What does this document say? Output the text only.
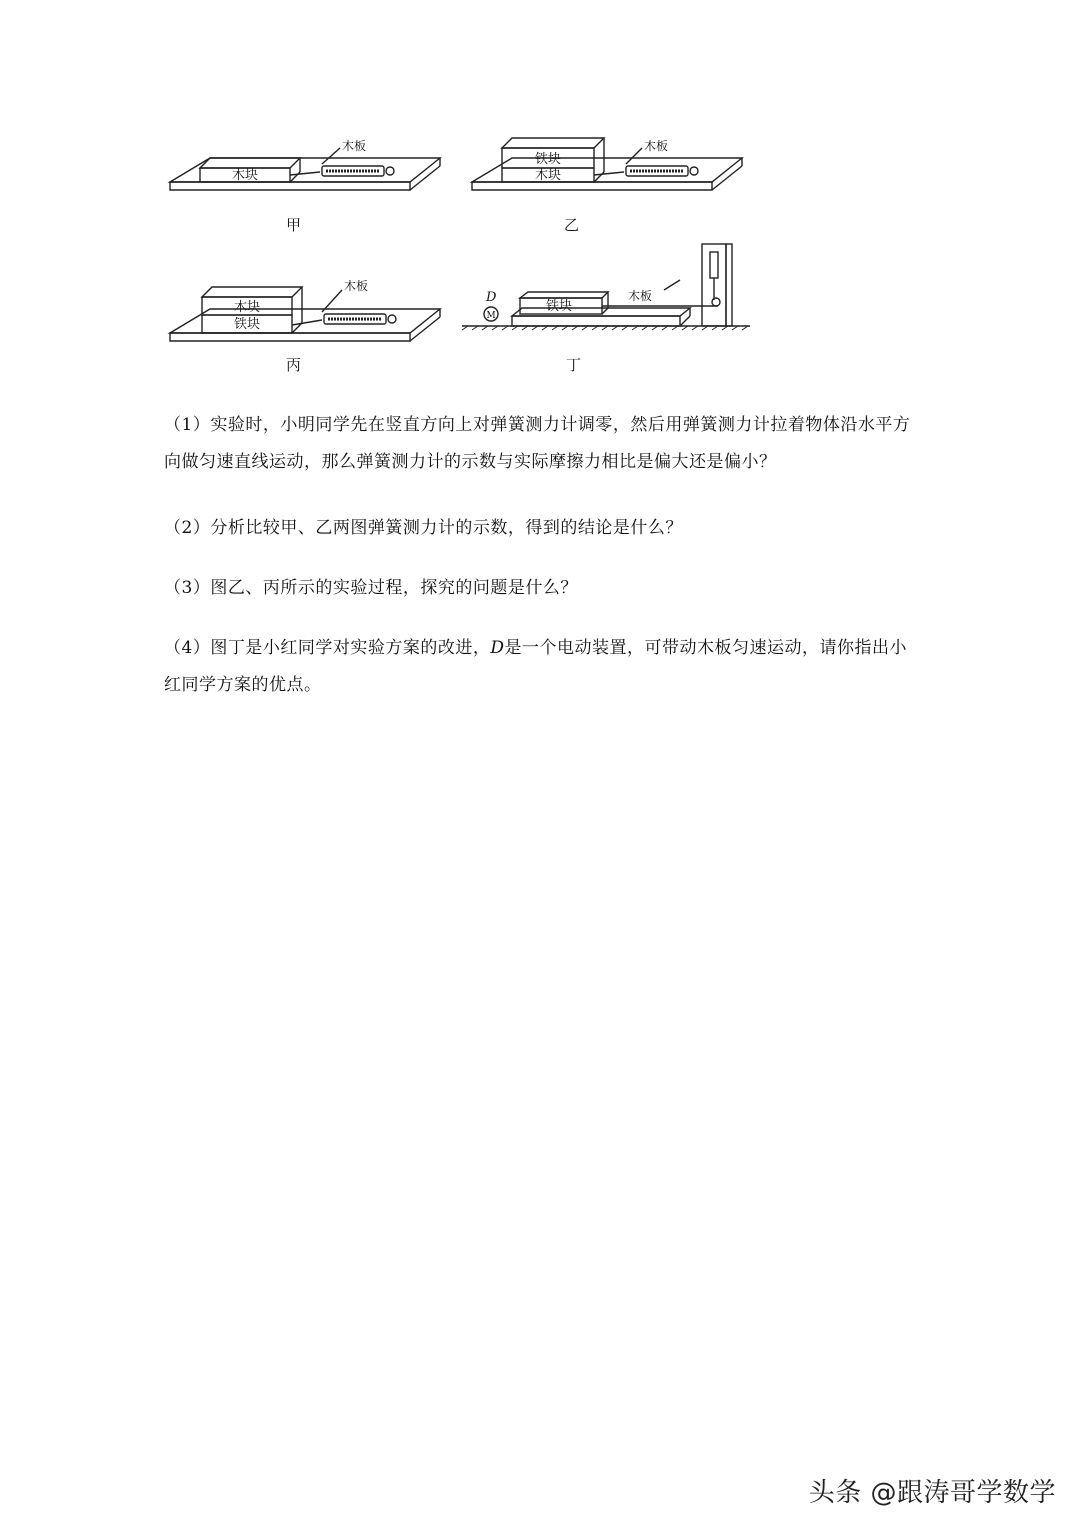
木块
木板
甲
铁块
木块
木板
乙
木块
铁块
木板
丙
铁块
木板
D
M
丁

（1）实验时，小明同学先在竖直方向上对弹簧测力计调零，然后用弹簧测力计拉着物体沿水平方向做匀速直线运动，那么弹簧测力计的示数与实际摩擦力相比是偏大还是偏小？

（2）分析比较甲、乙两图弹簧测力计的示数，得到的结论是什么？

（3）图乙、丙所示的实验过程，探究的问题是什么？

（4）图丁是小红同学对实验方案的改进，D是一个电动装置，可带动木板匀速运动，请你指出小红同学方案的优点。

头条 @跟涛哥学数学
